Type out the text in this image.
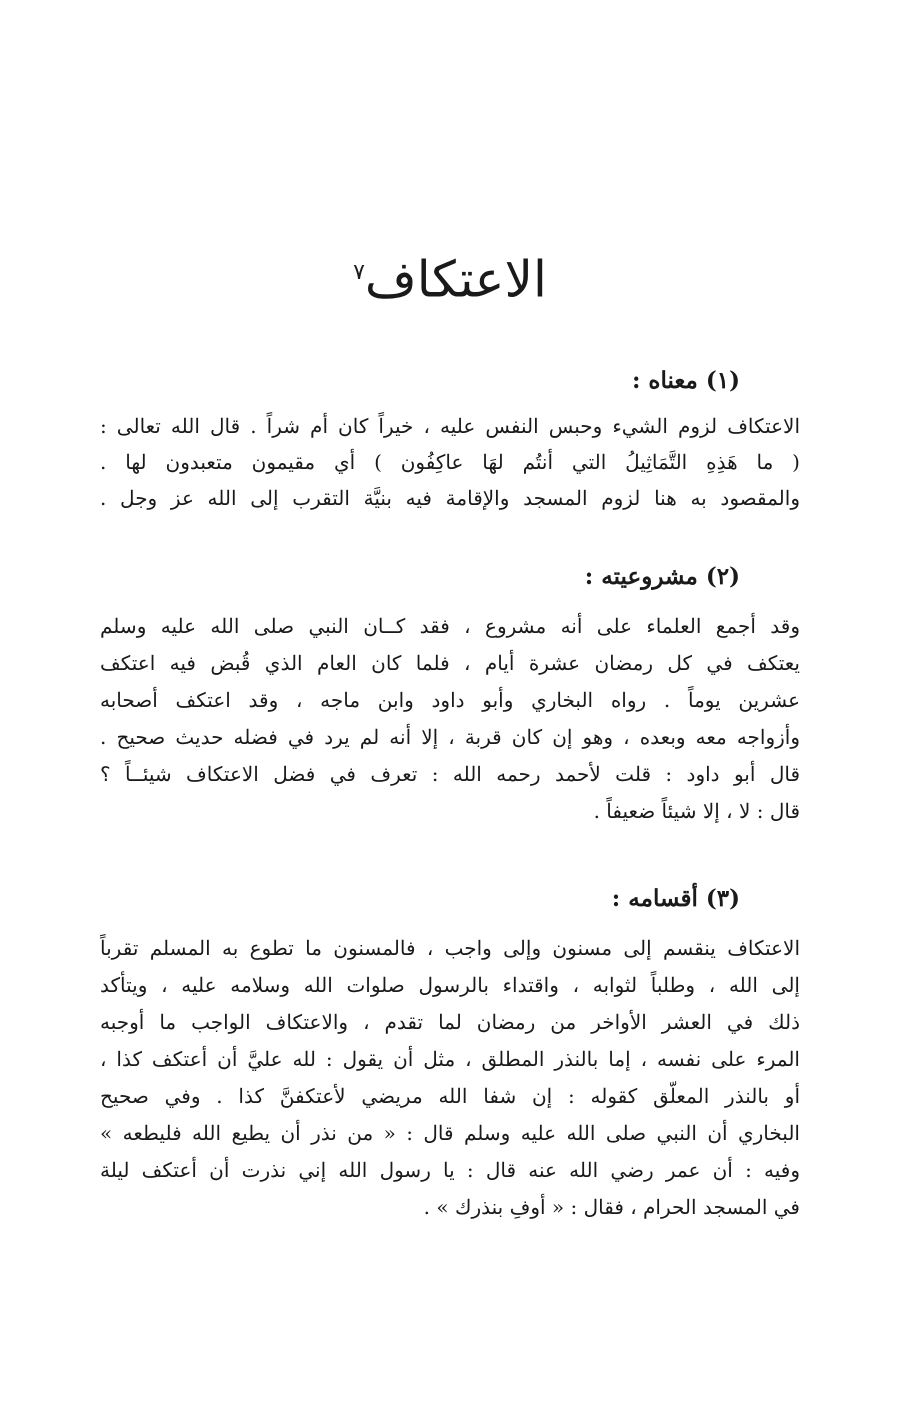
الاعتكاف$^٧$
(١) معناه :
الاعتكاف لزوم الشيء وحبس النفس عليه ، خيراً كان أم شراً . قال الله تعالى :
( ما هَذِهِ التَّمَاثِيلُ التي أنتُم لهَا عاكِفُون ) أي مقيمون متعبدون لها .
والمقصود به هنا لزوم المسجد والإقامة فيه بنيَّة التقرب إلى الله عز وجل .
(٢) مشروعيته :
وقد أجمع العلماء على أنه مشروع ، فقد كــان النبي صلى الله عليه وسلم
يعتكف في كل رمضان عشرة أيام ، فلما كان العام الذي قُبض فيه اعتكف
عشرين يوماً . رواه البخاري وأبو داود وابن ماجه ، وقد اعتكف أصحابه
وأزواجه معه وبعده ، وهو إن كان قربة ، إلا أنه لم يرد في فضله حديث صحيح .
قال أبو داود : قلت لأحمد رحمه الله : تعرف في فضل الاعتكاف شيئــاً ؟
قال : لا ، إلا شيئاً ضعيفاً .
(٣) أقسامه :
الاعتكاف ينقسم إلى مسنون وإلى واجب ، فالمسنون ما تطوع به المسلم تقرباً
إلى الله ، وطلباً لثوابه ، واقتداء بالرسول صلوات الله وسلامه عليه ، ويتأكد
ذلك في العشر الأواخر من رمضان لما تقدم ، والاعتكاف الواجب ما أوجبه
المرء على نفسه ، إما بالنذر المطلق ، مثل أن يقول : لله عليَّ أن أعتكف كذا ،
أو بالنذر المعلّق كقوله : إن شفا الله مريضي لأعتكفنَّ كذا . وفي صحيح
البخاري أن النبي صلى الله عليه وسلم قال : « من نذر أن يطيع الله فليطعه »
وفيه : أن عمر رضي الله عنه قال : يا رسول الله إني نذرت أن أعتكف ليلة
في المسجد الحرام ، فقال : « أوفِ بنذرك » .
